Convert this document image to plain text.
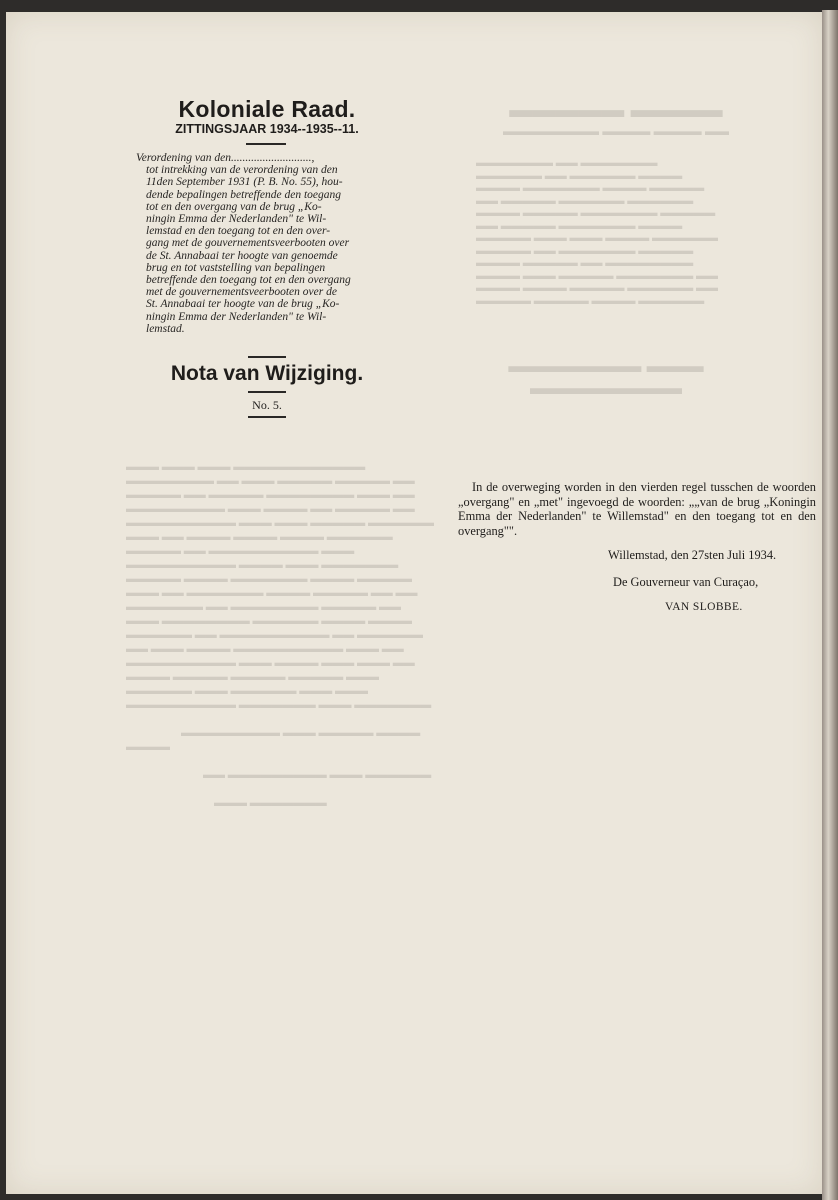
▬▬▬▬▬ ▬▬▬▬
▬▬▬▬▬▬▬▬ ▬▬▬▬ ▬▬▬▬ ▬▬
▬▬▬▬▬▬▬ ▬▬ ▬▬▬▬▬▬▬ ▬▬▬▬▬▬ ▬▬ ▬▬▬▬▬▬ ▬▬▬▬ ▬▬▬▬ ▬▬▬▬▬▬▬ ▬▬▬▬ ▬▬▬▬▬ ▬▬ ▬▬▬▬▬ ▬▬▬▬▬▬ ▬▬▬▬▬▬ ▬▬▬▬ ▬▬▬▬▬ ▬▬▬▬▬▬▬ ▬▬▬▬▬ ▬▬ ▬▬▬▬▬ ▬▬▬▬▬▬▬ ▬▬▬▬ ▬▬▬▬▬ ▬▬▬ ▬▬▬ ▬▬▬▬ ▬▬▬▬▬▬ ▬▬▬▬▬ ▬▬ ▬▬▬▬▬▬▬ ▬▬▬▬▬ ▬▬▬▬ ▬▬▬▬▬ ▬▬ ▬▬▬▬▬▬▬▬ ▬▬▬▬ ▬▬▬ ▬▬▬▬▬ ▬▬▬▬▬▬▬ ▬▬ ▬▬▬▬ ▬▬▬▬ ▬▬▬▬▬ ▬▬▬▬▬▬ ▬▬ ▬▬▬▬▬ ▬▬▬▬▬ ▬▬▬▬ ▬▬▬▬▬▬
▬▬▬▬▬▬▬ ▬▬▬ ▬▬▬▬▬▬▬▬
▬▬▬ ▬▬▬ ▬▬▬ ▬▬▬▬▬▬▬▬▬▬▬▬ ▬▬▬▬▬▬▬▬ ▬▬ ▬▬▬ ▬▬▬▬▬ ▬▬▬▬▬ ▬▬ ▬▬▬▬▬ ▬▬ ▬▬▬▬▬ ▬▬▬▬▬▬▬▬ ▬▬▬ ▬▬ ▬▬▬▬▬▬▬▬▬ ▬▬▬ ▬▬▬▬ ▬▬ ▬▬▬▬▬ ▬▬ ▬▬▬▬▬▬▬▬▬▬ ▬▬▬ ▬▬▬ ▬▬▬▬▬ ▬▬▬▬▬▬ ▬▬▬ ▬▬ ▬▬▬▬ ▬▬▬▬ ▬▬▬▬ ▬▬▬▬▬▬ ▬▬▬▬▬ ▬▬ ▬▬▬▬▬▬▬▬▬▬ ▬▬▬ ▬▬▬▬▬▬▬▬▬▬ ▬▬▬▬ ▬▬▬ ▬▬▬▬▬▬▬ ▬▬▬▬▬ ▬▬▬▬ ▬▬▬▬▬▬▬ ▬▬▬▬ ▬▬▬▬▬ ▬▬▬ ▬▬ ▬▬▬▬▬▬▬ ▬▬▬▬ ▬▬▬▬▬ ▬▬ ▬▬ ▬▬▬▬▬▬▬ ▬▬ ▬▬▬▬▬▬▬▬ ▬▬▬▬▬ ▬▬ ▬▬▬ ▬▬▬▬▬▬▬▬ ▬▬▬▬▬▬ ▬▬▬▬ ▬▬▬▬ ▬▬▬▬▬▬ ▬▬ ▬▬▬▬▬▬▬▬▬▬ ▬▬ ▬▬▬▬▬▬ ▬▬ ▬▬▬ ▬▬▬▬ ▬▬▬▬▬▬▬▬▬▬ ▬▬▬ ▬▬ ▬▬▬▬▬▬▬▬▬▬ ▬▬▬ ▬▬▬▬ ▬▬▬ ▬▬▬ ▬▬ ▬▬▬▬ ▬▬▬▬▬ ▬▬▬▬▬ ▬▬▬▬▬ ▬▬▬ ▬▬▬▬▬▬ ▬▬▬ ▬▬▬▬▬▬ ▬▬▬ ▬▬▬ ▬▬▬▬▬▬▬▬▬▬ ▬▬▬▬▬▬▬ ▬▬▬ ▬▬▬▬▬▬▬

▬▬▬▬▬▬▬▬▬ ▬▬▬ ▬▬▬▬▬ ▬▬▬▬ ▬▬▬▬

▬▬ ▬▬▬▬▬▬▬▬▬ ▬▬▬ ▬▬▬▬▬▬

▬▬▬ ▬▬▬▬▬▬▬
Koloniale Raad.
ZITTINGSJAAR 1934--1935--11.
Verordening van den............................,
tot intrekking van de verordening van den
11den September 1931 (P. B. No. 55), hou-
dende bepalingen betreffende den toegang
tot en den overgang van de brug „Ko-
ningin Emma der Nederlanden" te Wil-
lemstad en den toegang tot en den over-
gang met de gouvernementsveerbooten over
de St. Annabaai ter hoogte van genoemde
brug en tot vaststelling van bepalingen
betreffende den toegang tot en den overgang
met de gouvernementsveerbooten over de
St. Annabaai ter hoogte van de brug „Ko-
ningin Emma der Nederlanden" te Wil-
lemstad.
Nota van Wijziging.
No. 5.
In de overweging worden in den vierden regel tusschen de woorden „overgang" en „met" ingevoegd de woorden: „„van de brug „Koningin Emma der Nederlanden" te Willemstad" en den toegang tot en den overgang"".
Willemstad, den 27sten Juli 1934.
De Gouverneur van Curaçao,
VAN SLOBBE.
